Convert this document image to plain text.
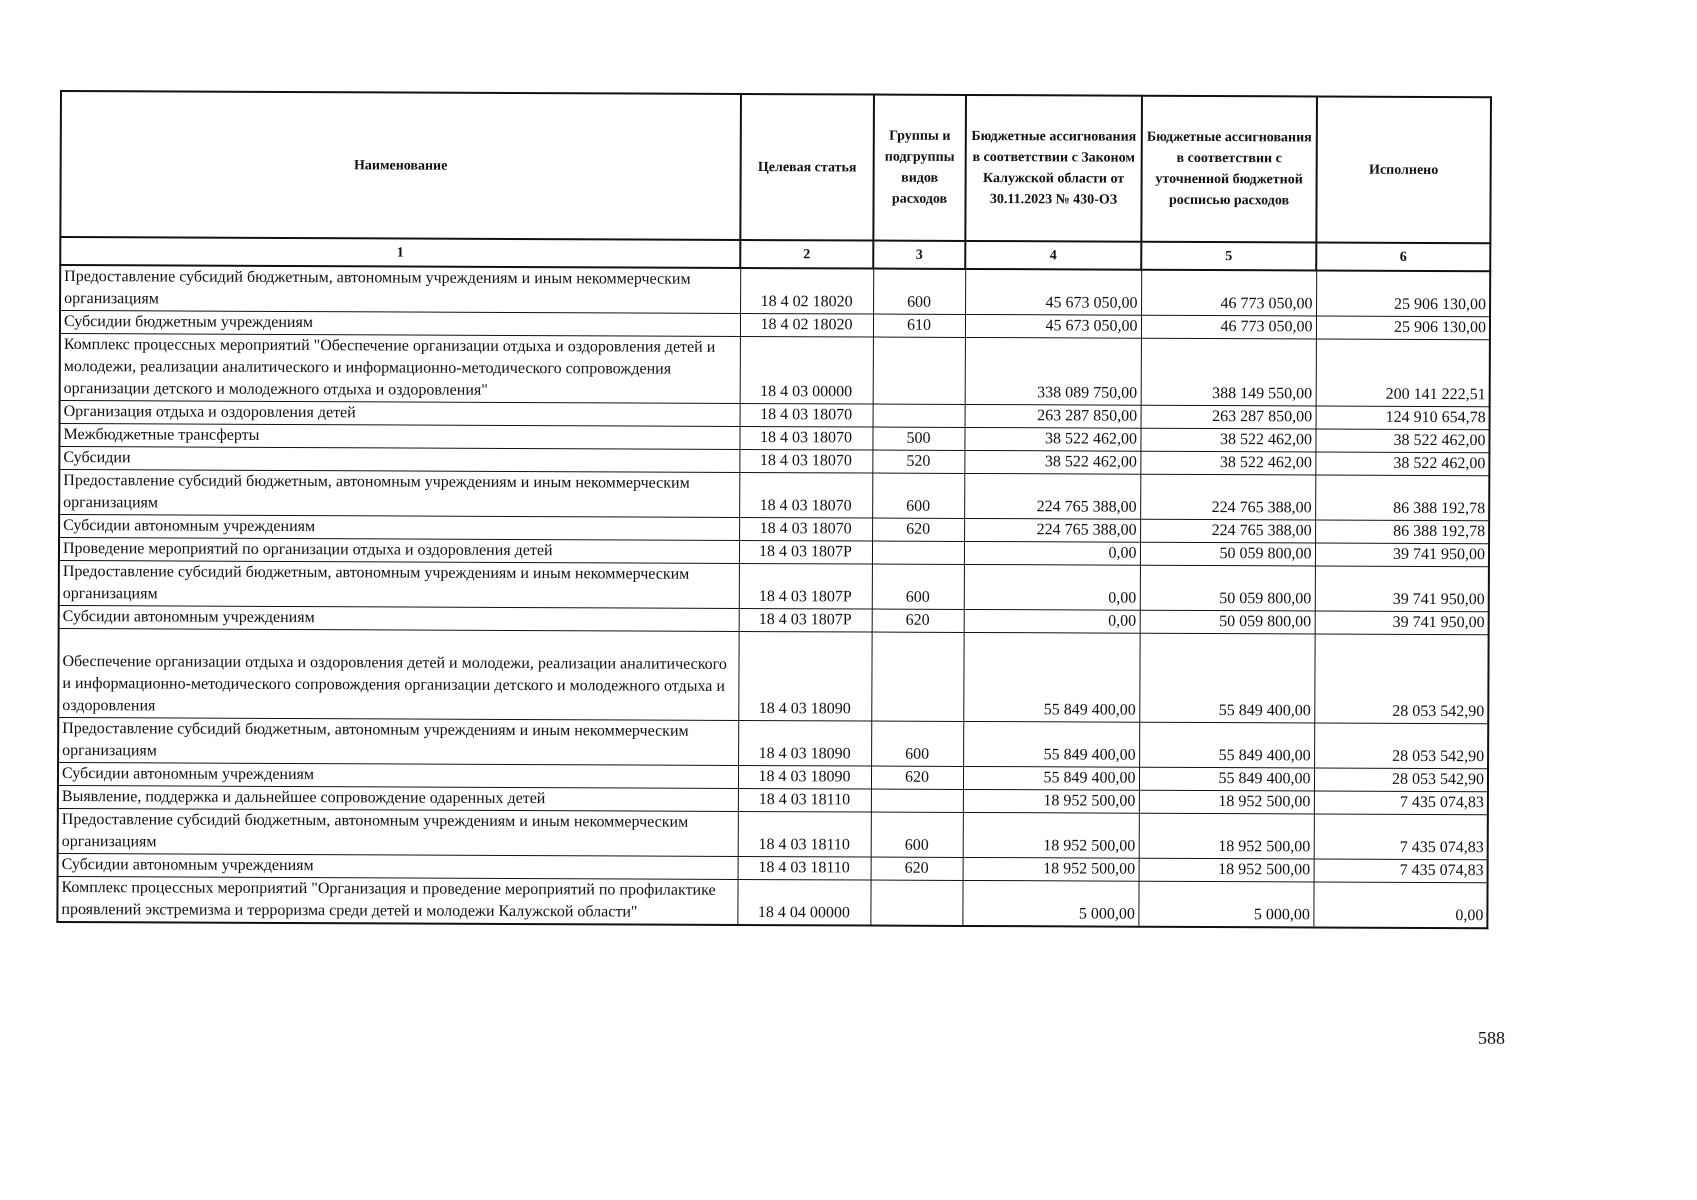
Наименование	Целевая статья	Группы и подгруппы видов расходов	Бюджетные ассигнования в соответствии с Законом Калужской области от 30.11.2023 № 430-ОЗ	Бюджетные ассигнования в соответствии с уточненной бюджетной росписью расходов	Исполнено
1	2	3	4	5	6
Предоставление субсидий бюджетным, автономным учреждениям и иным некоммерческим организациям	18 4 02 18020	600	45 673 050,00	46 773 050,00	25 906 130,00
Субсидии бюджетным учреждениям	18 4 02 18020	610	45 673 050,00	46 773 050,00	25 906 130,00
Комплекс процессных мероприятий "Обеспечение организации отдыха и оздоровления детей и молодежи, реализации аналитического и информационно-методического сопровождения организации детского и молодежного отдыха и оздоровления"	18 4 03 00000		338 089 750,00	388 149 550,00	200 141 222,51
Организация отдыха и оздоровления детей	18 4 03 18070		263 287 850,00	263 287 850,00	124 910 654,78
Межбюджетные трансферты	18 4 03 18070	500	38 522 462,00	38 522 462,00	38 522 462,00
Субсидии	18 4 03 18070	520	38 522 462,00	38 522 462,00	38 522 462,00
Предоставление субсидий бюджетным, автономным учреждениям и иным некоммерческим организациям	18 4 03 18070	600	224 765 388,00	224 765 388,00	86 388 192,78
Субсидии автономным учреждениям	18 4 03 18070	620	224 765 388,00	224 765 388,00	86 388 192,78
Проведение мероприятий по организации отдыха и оздоровления детей	18 4 03 1807Р		0,00	50 059 800,00	39 741 950,00
Предоставление субсидий бюджетным, автономным учреждениям и иным некоммерческим организациям	18 4 03 1807Р	600	0,00	50 059 800,00	39 741 950,00
Субсидии автономным учреждениям	18 4 03 1807Р	620	0,00	50 059 800,00	39 741 950,00
Обеспечение организации отдыха и оздоровления детей и молодежи, реализации аналитического и информационно-методического сопровождения организации детского и молодежного отдыха и оздоровления	18 4 03 18090		55 849 400,00	55 849 400,00	28 053 542,90
Предоставление субсидий бюджетным, автономным учреждениям и иным некоммерческим организациям	18 4 03 18090	600	55 849 400,00	55 849 400,00	28 053 542,90
Субсидии автономным учреждениям	18 4 03 18090	620	55 849 400,00	55 849 400,00	28 053 542,90
Выявление, поддержка и дальнейшее сопровождение одаренных детей	18 4 03 18110		18 952 500,00	18 952 500,00	7 435 074,83
Предоставление субсидий бюджетным, автономным учреждениям и иным некоммерческим организациям	18 4 03 18110	600	18 952 500,00	18 952 500,00	7 435 074,83
Субсидии автономным учреждениям	18 4 03 18110	620	18 952 500,00	18 952 500,00	7 435 074,83
Комплекс процессных мероприятий "Организация и проведение мероприятий по профилактике проявлений экстремизма и терроризма среди детей и молодежи Калужской области"	18 4 04 00000		5 000,00	5 000,00	0,00
588
